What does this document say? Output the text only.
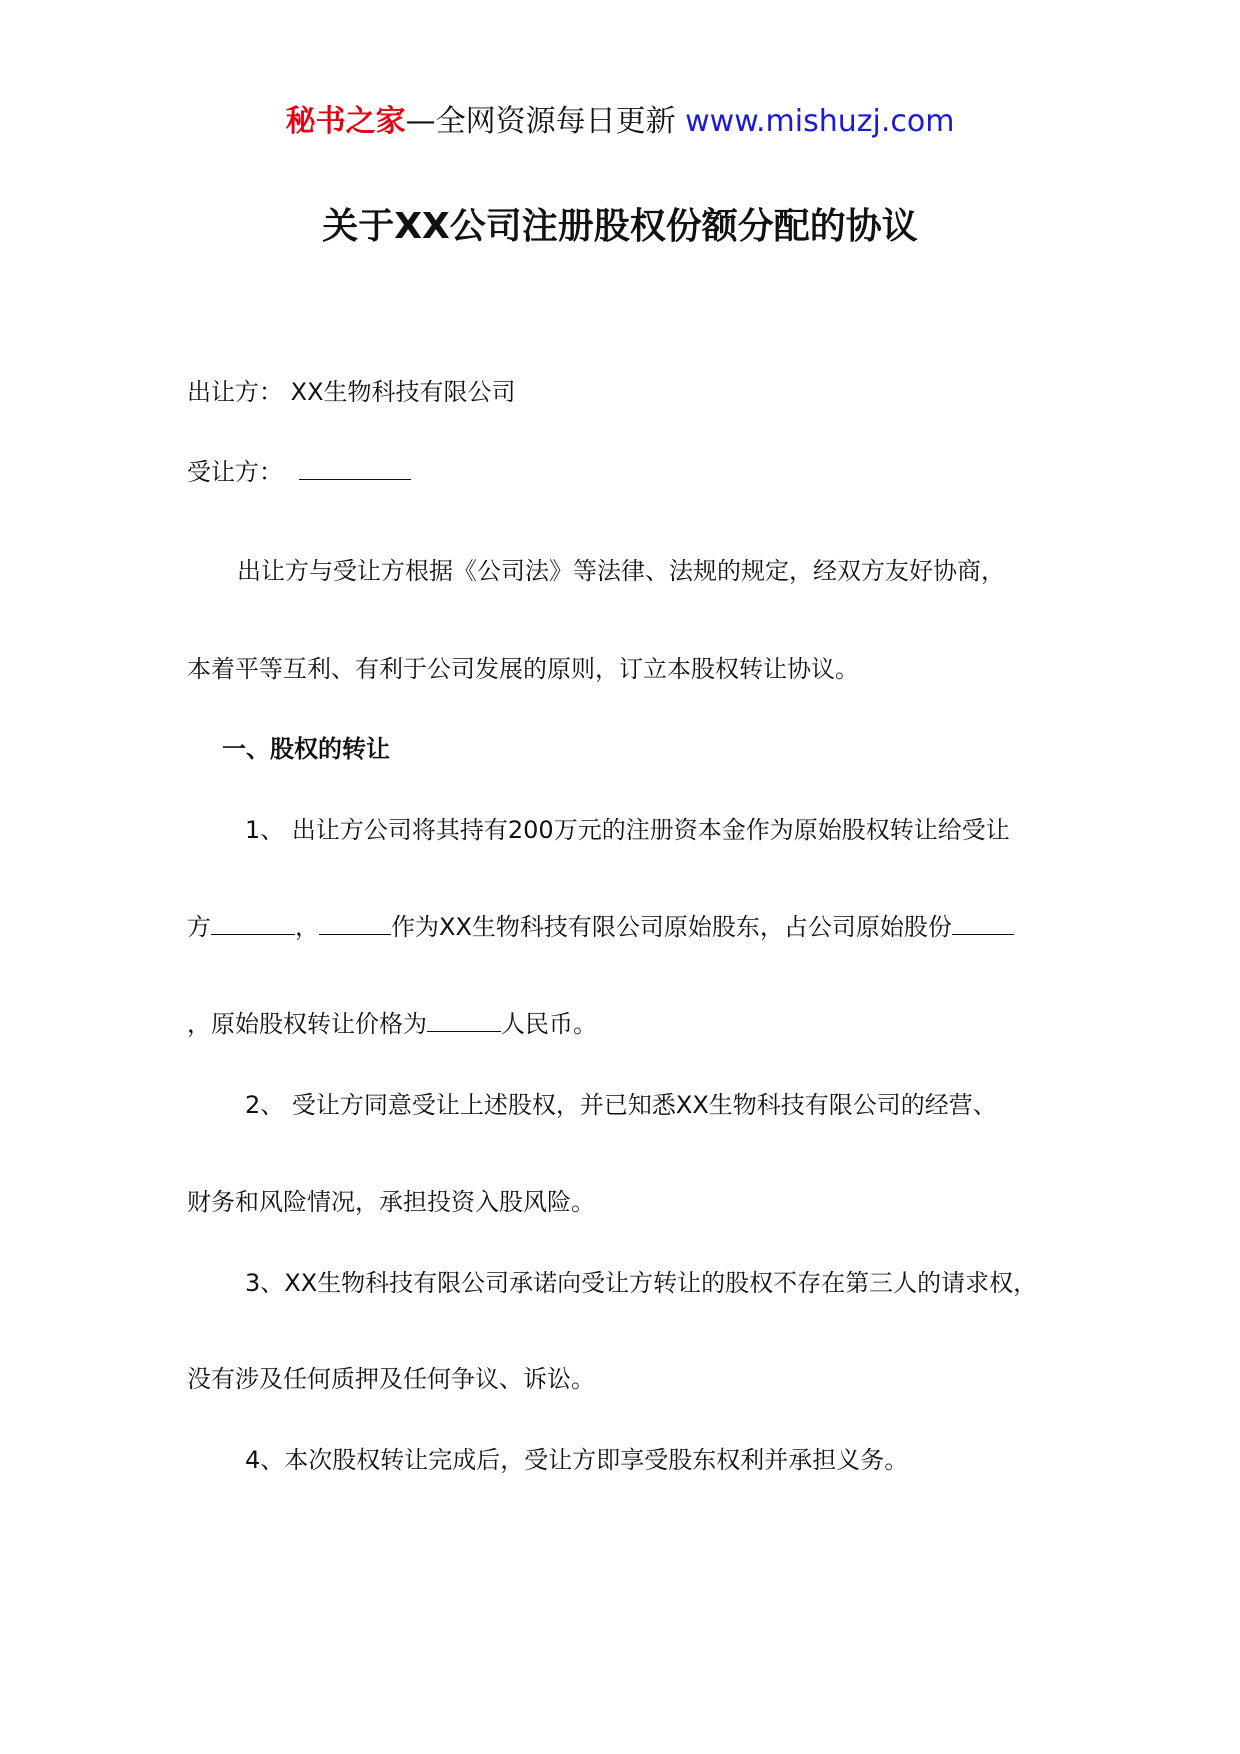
秘书之家—全网资源每日更新 www.mishuzj.com
关于XX公司注册股权份额分配的协议
出让方： XX生物科技有限公司
受让方：
出让方与受让方根据《公司法》等法律、法规的规定，经双方友好协商，
本着平等互利、有利于公司发展的原则，订立本股权转让协议。
一、股权的转让
1、 出让方公司将其持有200万元的注册资本金作为原始股权转让给受让
方	，	作为XX生物科技有限公司原始股东，占公司原始股份
，原始股权转让价格为	人民币。
2、 受让方同意受让上述股权，并已知悉XX生物科技有限公司的经营、
财务和风险情况，承担投资入股风险。
3、XX生物科技有限公司承诺向受让方转让的股权不存在第三人的请求权，
没有涉及任何质押及任何争议、诉讼。
4、本次股权转让完成后，受让方即享受股东权利并承担义务。
